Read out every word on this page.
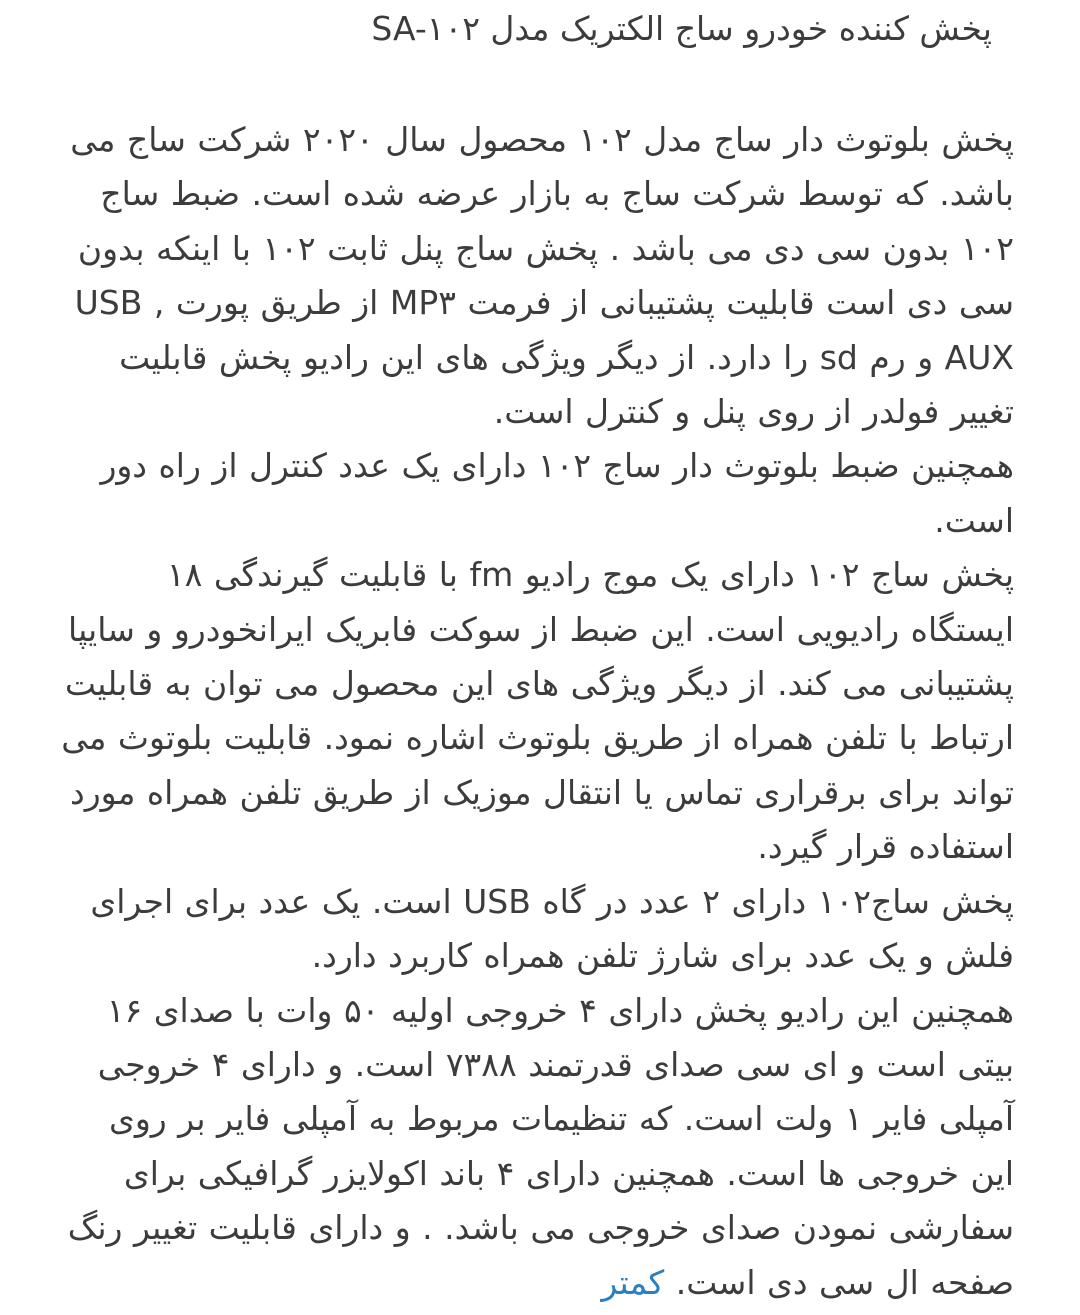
پخش کننده خودرو ساج الکتریک مدل SA-۱۰۲

پخش بلوتوث دار ساج مدل ۱۰۲ محصول سال ۲۰۲۰ شرکت ساج می باشد. که توسط شرکت ساج به بازار عرضه شده است. ضبط ساج ۱۰۲ بدون سی دی می باشد . پخش ساج پنل ثابت ۱۰۲ با اینکه بدون سی دی است قابلیت پشتیبانی از فرمت MP۳ از طریق پورت USB , AUX و رم sd را دارد. از دیگر ویژگی های این رادیو پخش قابلیت تغییر فولدر از روی پنل و کنترل است.

همچنین ضبط بلوتوث دار ساج ۱۰۲ دارای یک عدد کنترل از راه دور است.

پخش ساج ۱۰۲ دارای یک موج رادیو fm با قابلیت گیرندگی ۱۸ ایستگاه رادیویی است. این ضبط از سوکت فابریک ایرانخودرو و سایپا پشتیبانی می کند. از دیگر ویژگی های این محصول می توان به قابلیت ارتباط با تلفن همراه از طریق بلوتوث اشاره نمود. قابلیت بلوتوث می تواند برای برقراری تماس یا انتقال موزیک از طریق تلفن همراه مورد استفاده قرار گیرد.

پخش ساج۱۰۲ دارای ۲ عدد در گاه USB است. یک عدد برای اجرای فلش و یک عدد برای شارژ تلفن همراه کاربرد دارد.

همچنین این رادیو پخش دارای ۴ خروجی اولیه ۵۰ وات با صدای ۱۶ بیتی است و ای سی صدای قدرتمند ۷۳۸۸ است. و دارای ۴ خروجی آمپلی فایر ۱ ولت است. که تنظیمات مربوط به آمپلی فایر بر روی این خروجی ها است. همچنین دارای ۴ باند اکولایزر گرافیکی برای سفارشی نمودن صدای خروجی می باشد. . و دارای قابلیت تغییر رنگ صفحه ال سی دی است. کمتر
